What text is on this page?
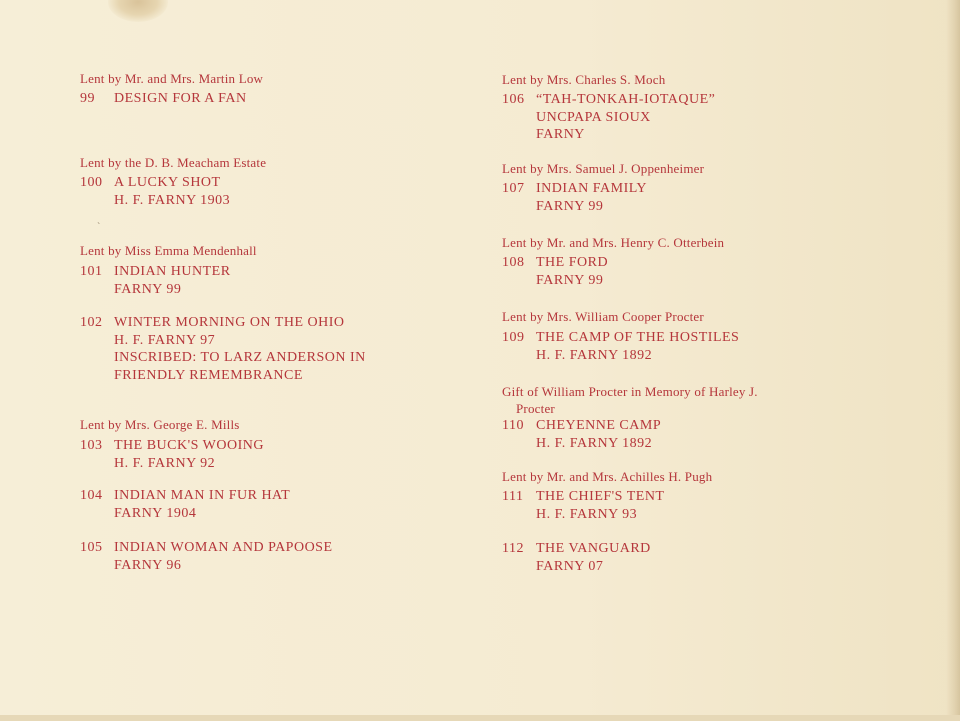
`
Lent by Mr. and Mrs. Martin Low
99 DESIGN FOR A FAN
Lent by the D. B. Meacham Estate
100 A LUCKY SHOT
H. F. FARNY 1903
Lent by Miss Emma Mendenhall
101 INDIAN HUNTER
FARNY 99
102 WINTER MORNING ON THE OHIO
H. F. FARNY 97
INSCRIBED: TO LARZ ANDERSON IN
FRIENDLY REMEMBRANCE
Lent by Mrs. George E. Mills
103 THE BUCK'S WOOING
H. F. FARNY 92
104 INDIAN MAN IN FUR HAT
FARNY 1904
105 INDIAN WOMAN AND PAPOOSE
FARNY 96
Lent by Mrs. Charles S. Moch
106 “TAH-TONKAH-IOTAQUE”
UNCPAPA SIOUX
FARNY
Lent by Mrs. Samuel J. Oppenheimer
107 INDIAN FAMILY
FARNY 99
Lent by Mr. and Mrs. Henry C. Otterbein
108 THE FORD
FARNY 99
Lent by Mrs. William Cooper Procter
109 THE CAMP OF THE HOSTILES
H. F. FARNY 1892
Gift of William Procter in Memory of Harley J.
Procter
110 CHEYENNE CAMP
H. F. FARNY 1892
Lent by Mr. and Mrs. Achilles H. Pugh
111 THE CHIEF'S TENT
H. F. FARNY 93
112 THE VANGUARD
FARNY 07
